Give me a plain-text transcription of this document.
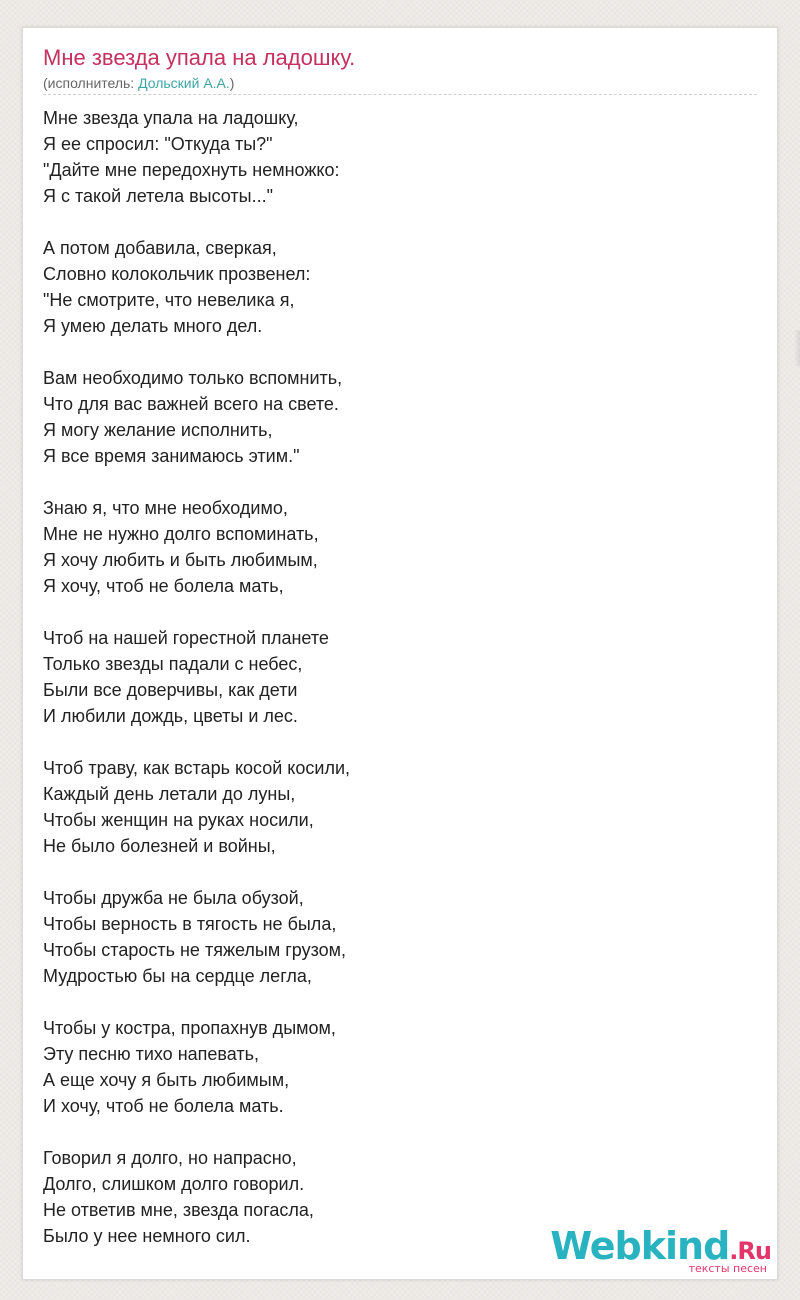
Мне звезда упала на ладошку.
(исполнитель: Дольский А.А.)
Мне звезда упала на ладошку,
Я ее спросил: "Откуда ты?"
"Дайте мне передохнуть немножко:
Я с такой летела высоты..."
А потом добавила, сверкая,
Словно колокольчик прозвенел:
"Не смотрите, что невелика я,
Я умею делать много дел.
Вам необходимо только вспомнить,
Что для вас важней всего на свете.
Я могу желание исполнить,
Я все время занимаюсь этим."
Знаю я, что мне необходимо,
Мне не нужно долго вспоминать,
Я хочу любить и быть любимым,
Я хочу, чтоб не болела мать,
Чтоб на нашей горестной планете
Только звезды падали с небес,
Были все доверчивы, как дети
И любили дождь, цветы и лес.
Чтоб траву, как встарь косой косили,
Каждый день летали до луны,
Чтобы женщин на руках носили,
Не было болезней и войны,
Чтобы дружба не была обузой,
Чтобы верность в тягость не была,
Чтобы старость не тяжелым грузом,
Мудростью бы на сердце легла,
Чтобы у костра, пропахнув дымом,
Эту песню тихо напевать,
А еще хочу я быть любимым,
И хочу, чтоб не болела мать.
Говорил я долго, но напрасно,
Долго, слишком долго говорил.
Не ответив мне, звезда погасла,
Было у нее немного сил.	Webkind.Ru
тексты песен
